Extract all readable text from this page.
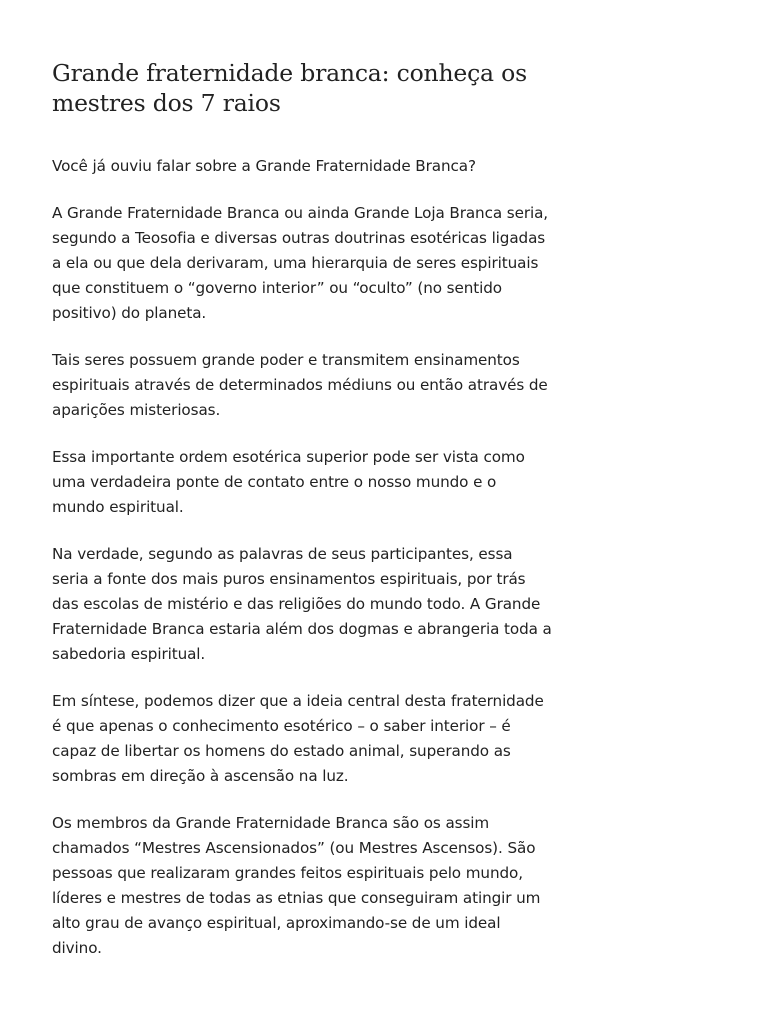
Grande fraternidade branca: conheça os mestres dos 7 raios

Você já ouviu falar sobre a Grande Fraternidade Branca?

A Grande Fraternidade Branca ou ainda Grande Loja Branca seria, segundo a Teosofia e diversas outras doutrinas esotéricas ligadas a ela ou que dela derivaram, uma hierarquia de seres espirituais que constituem o “governo interior” ou “oculto” (no sentido positivo) do planeta.

Tais seres possuem grande poder e transmitem ensinamentos espirituais através de determinados médiuns ou então através de aparições misteriosas.

Essa importante ordem esotérica superior pode ser vista como uma verdadeira ponte de contato entre o nosso mundo e o mundo espiritual.

Na verdade, segundo as palavras de seus participantes, essa seria a fonte dos mais puros ensinamentos espirituais, por trás das escolas de mistério e das religiões do mundo todo. A Grande Fraternidade Branca estaria além dos dogmas e abrangeria toda a sabedoria espiritual.

Em síntese, podemos dizer que a ideia central desta fraternidade é que apenas o conhecimento esotérico – o saber interior – é capaz de libertar os homens do estado animal, superando as sombras em direção à ascensão na luz.

Os membros da Grande Fraternidade Branca são os assim chamados “Mestres Ascensionados” (ou Mestres Ascensos). São pessoas que realizaram grandes feitos espirituais pelo mundo, líderes e mestres de todas as etnias que conseguiram atingir um alto grau de avanço espiritual, aproximando-se de um ideal divino.
